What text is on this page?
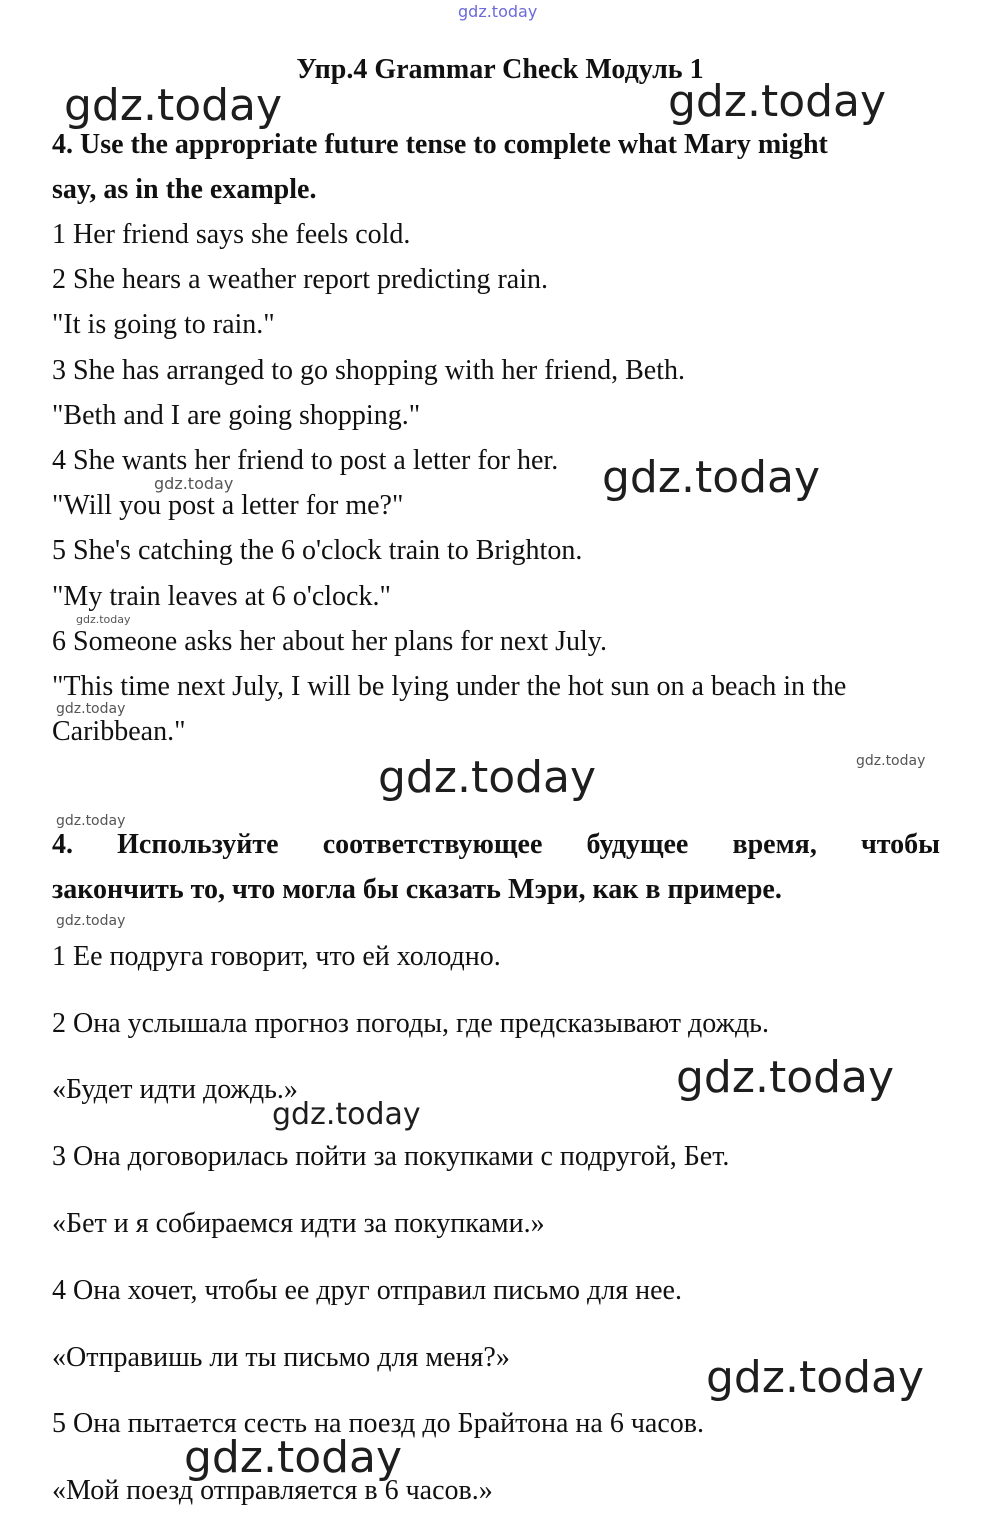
gdz.today
gdz.today	gdz.today
gdz.today
gdz.today
gdz.today
gdz.today
gdz.today	gdz.today
gdz.today
gdz.today
gdz.today
gdz.today
gdz.today
gdz.today
Упр.4 Grammar Check Модуль 1
4. Use the appropriate future tense to complete what Mary might
say, as in the example.
1 Her friend says she feels cold.
2 She hears a weather report predicting rain.
"It is going to rain."
3 She has arranged to go shopping with her friend, Beth.
"Beth and I are going shopping."
4 She wants her friend to post a letter for her.
"Will you post a letter for me?"
5 She's catching the 6 o'clock train to Brighton.
"My train leaves at 6 o'clock."
6 Someone asks her about her plans for next July.
"This time next July, I will be lying under the hot sun on a beach in the
Caribbean."
4. Используйте соответствующее будущее время, чтобы
закончить то, что могла бы сказать Мэри, как в примере.
1 Ее подруга говорит, что ей холодно.
2 Она услышала прогноз погоды, где предсказывают дождь.
«Будет идти дождь.»
3 Она договорилась пойти за покупками с подругой, Бет.
«Бет и я собираемся идти за покупками.»
4 Она хочет, чтобы ее друг отправил письмо для нее.
«Отправишь ли ты письмо для меня?»
5 Она пытается сесть на поезд до Брайтона на 6 часов.
«Мой поезд отправляется в 6 часов.»
